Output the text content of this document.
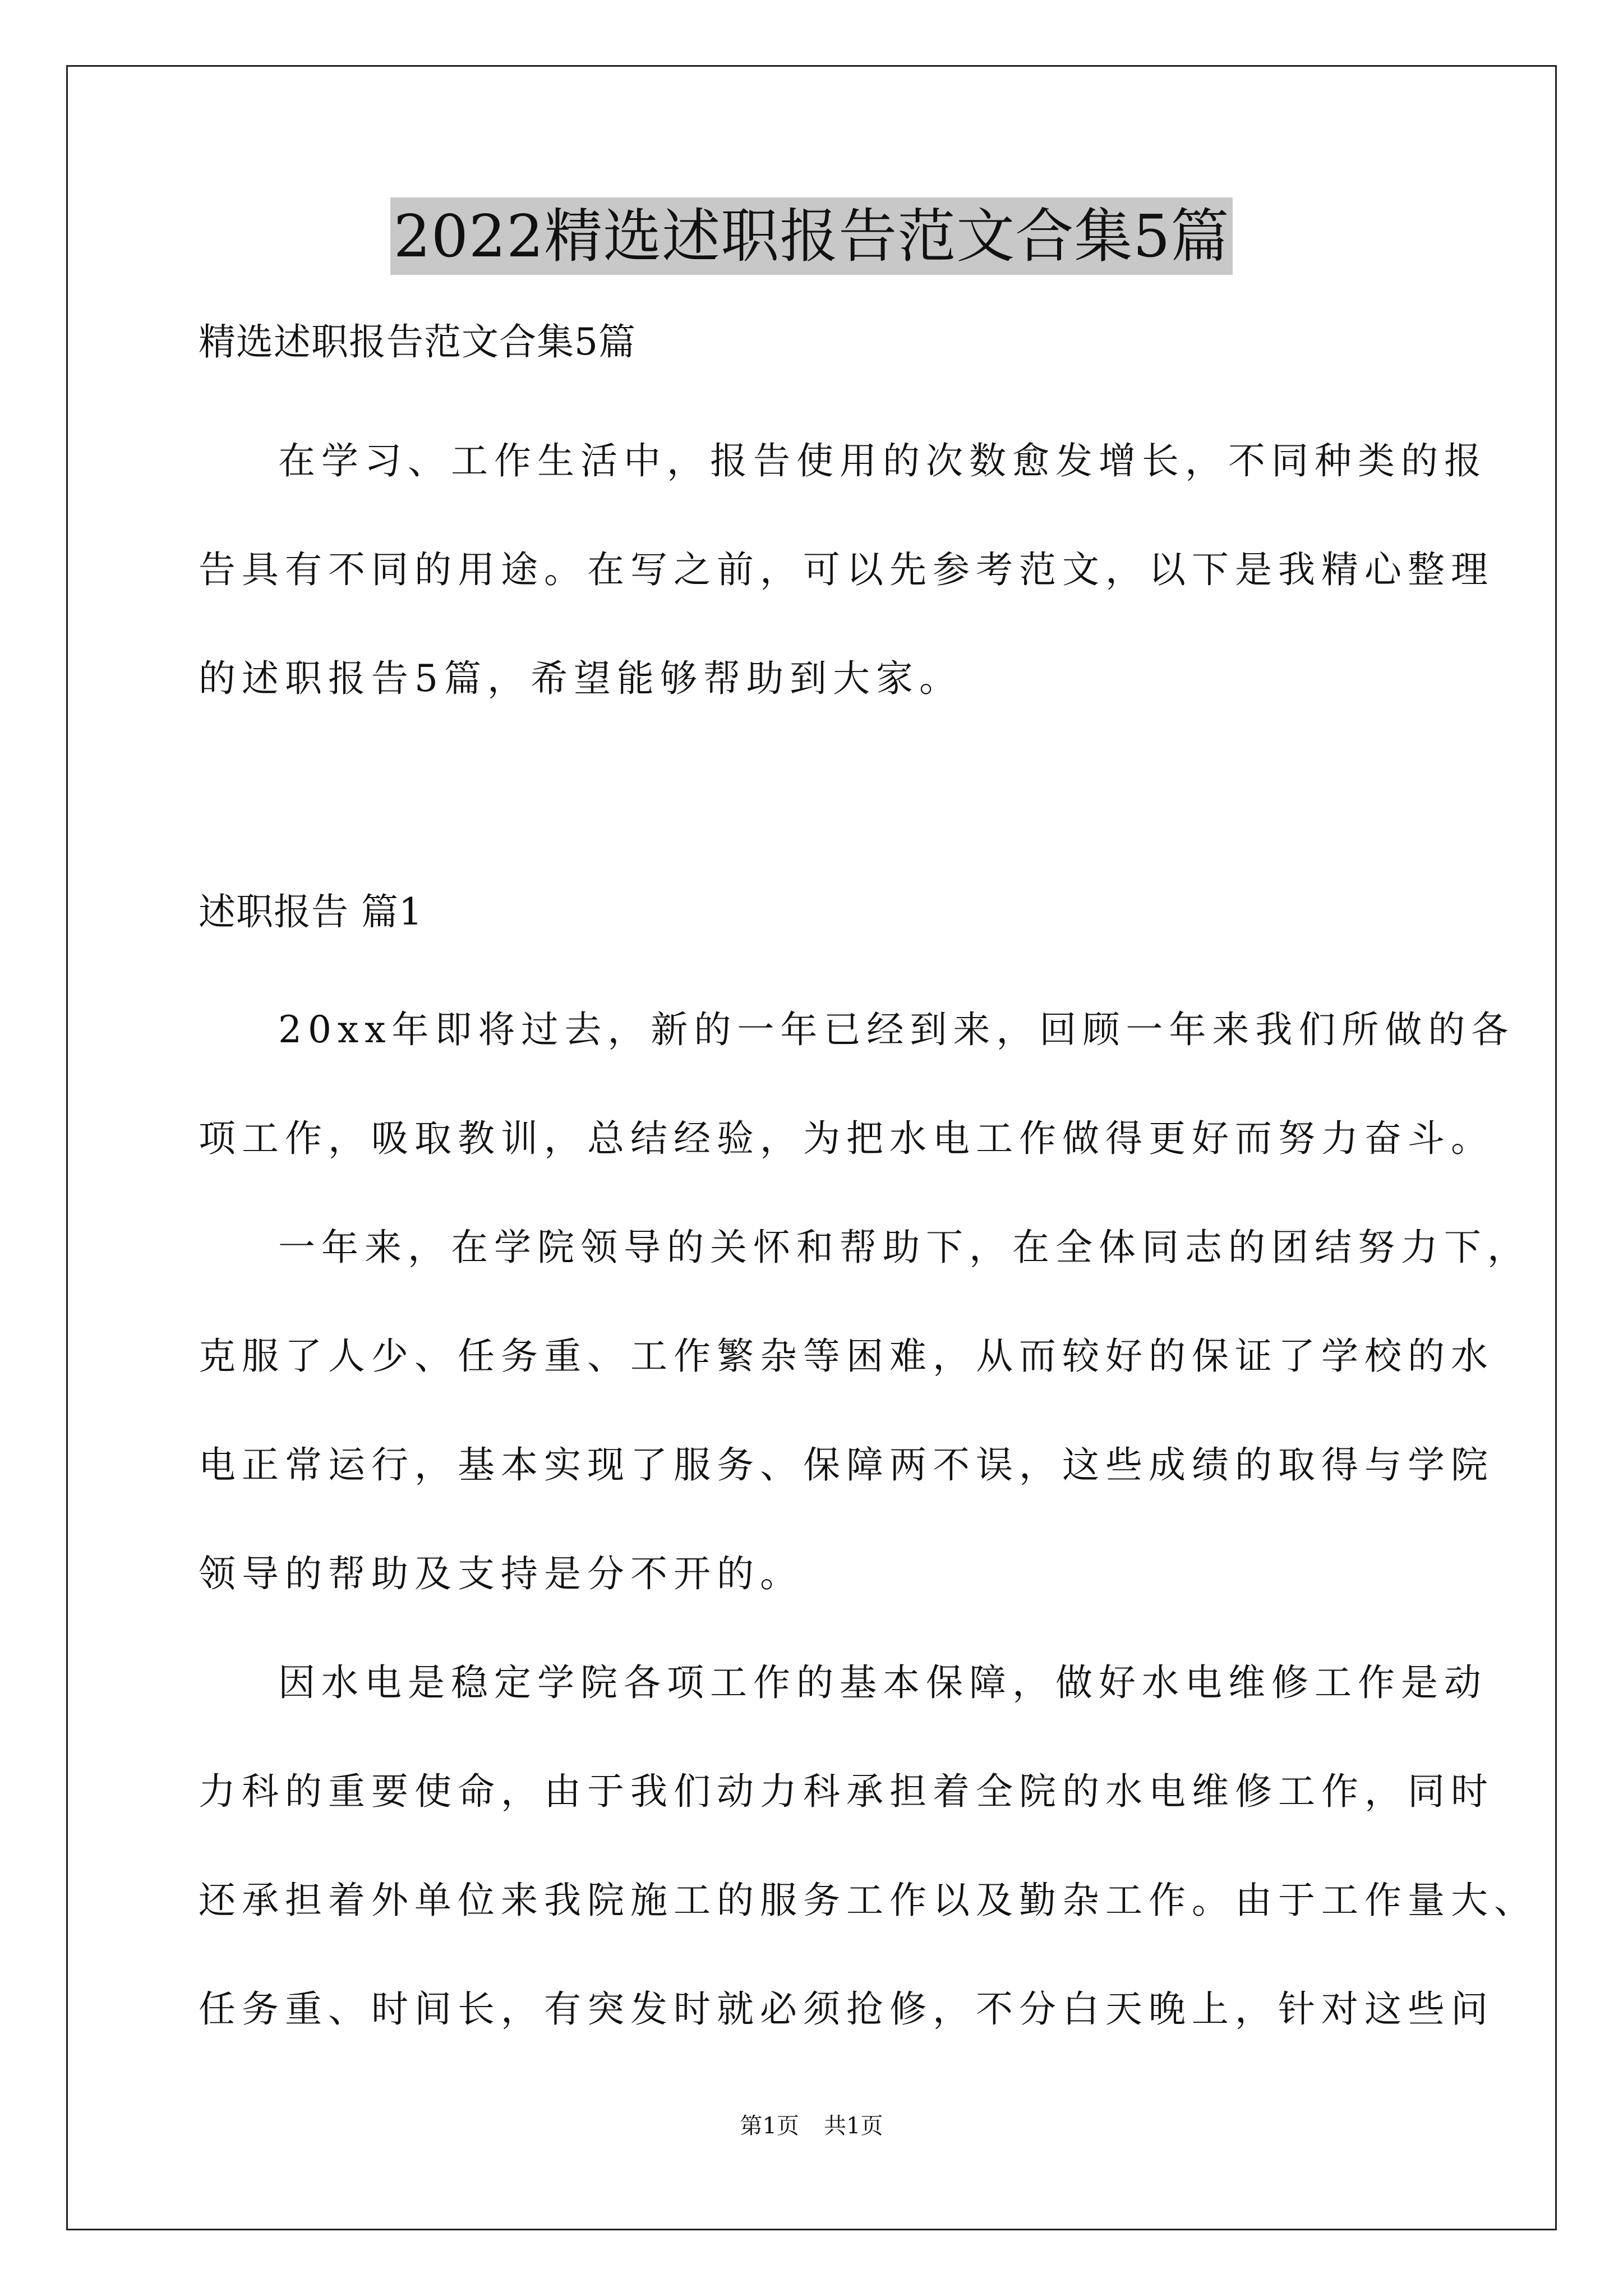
2022精选述职报告范文合集5篇
精选述职报告范文合集5篇
在学习、工作生活中，报告使用的次数愈发增长，不同种类的报
告具有不同的用途。在写之前，可以先参考范文，以下是我精心整理
的述职报告5篇，希望能够帮助到大家。
述职报告 篇1
20xx年即将过去，新的一年已经到来，回顾一年来我们所做的各
项工作，吸取教训，总结经验，为把水电工作做得更好而努力奋斗。
一年来，在学院领导的关怀和帮助下，在全体同志的团结努力下，
克服了人少、任务重、工作繁杂等困难，从而较好的保证了学校的水
电正常运行，基本实现了服务、保障两不误，这些成绩的取得与学院
领导的帮助及支持是分不开的。
因水电是稳定学院各项工作的基本保障，做好水电维修工作是动
力科的重要使命，由于我们动力科承担着全院的水电维修工作，同时
还承担着外单位来我院施工的服务工作以及勤杂工作。由于工作量大、
任务重、时间长，有突发时就必须抢修，不分白天晚上，针对这些问
第1页 共1页
